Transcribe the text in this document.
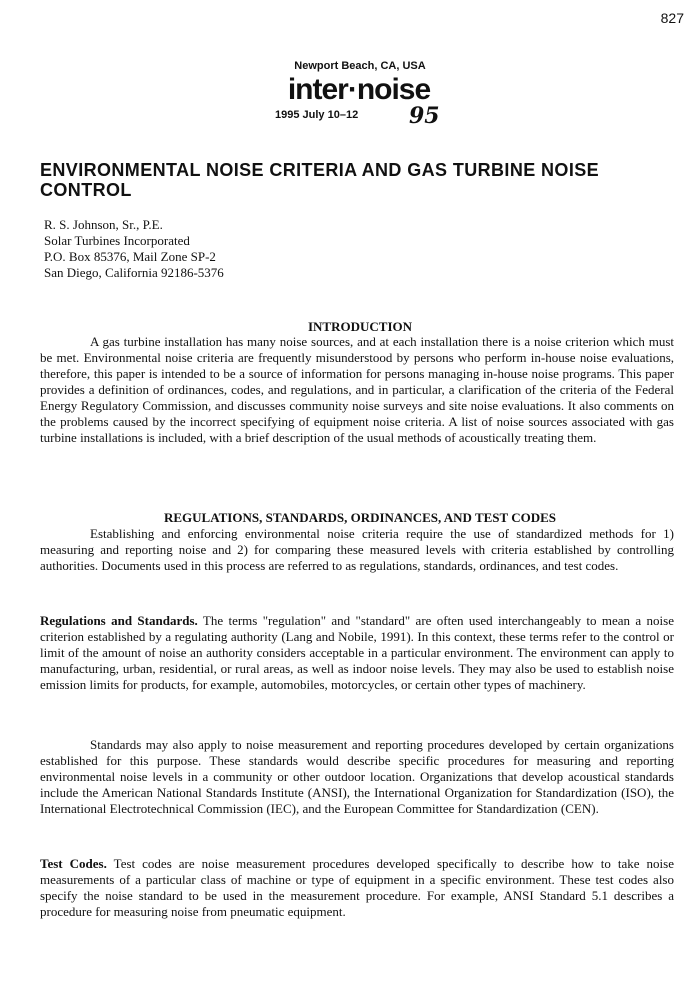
827
Newport Beach, CA, USA
inter·noise
1995 July 10–12 95
ENVIRONMENTAL NOISE CRITERIA AND GAS TURBINE NOISE CONTROL
R. S. Johnson, Sr., P.E.
Solar Turbines Incorporated
P.O. Box 85376, Mail Zone SP-2
San Diego, California 92186-5376
INTRODUCTION
A gas turbine installation has many noise sources, and at each installation there is a noise criterion which must be met. Environmental noise criteria are frequently misunderstood by persons who perform in-house noise evaluations, therefore, this paper is intended to be a source of information for persons managing in-house noise programs. This paper provides a definition of ordinances, codes, and regulations, and in particular, a clarification of the criteria of the Federal Energy Regulatory Commission, and discusses community noise surveys and site noise evaluations. It also comments on the problems caused by the incorrect specifying of equipment noise criteria. A list of noise sources associated with gas turbine installations is included, with a brief description of the usual methods of acoustically treating them.
REGULATIONS, STANDARDS, ORDINANCES, AND TEST CODES
Establishing and enforcing environmental noise criteria require the use of standardized methods for 1) measuring and reporting noise and 2) for comparing these measured levels with criteria established by controlling authorities. Documents used in this process are referred to as regulations, standards, ordinances, and test codes.
Regulations and Standards. The terms "regulation" and "standard" are often used interchangeably to mean a noise criterion established by a regulating authority (Lang and Nobile, 1991). In this context, these terms refer to the control or limit of the amount of noise an authority considers acceptable in a particular environment. The environment can apply to manufacturing, urban, residential, or rural areas, as well as indoor noise levels. They may also be used to establish noise emission limits for products, for example, automobiles, motorcycles, or certain other types of machinery.
Standards may also apply to noise measurement and reporting procedures developed by certain organizations established for this purpose. These standards would describe specific procedures for measuring and reporting environmental noise levels in a community or other outdoor location. Organizations that develop acoustical standards include the American National Standards Institute (ANSI), the International Organization for Standardization (ISO), the International Electrotechnical Commission (IEC), and the European Committee for Standardization (CEN).
Test Codes. Test codes are noise measurement procedures developed specifically to describe how to take noise measurements of a particular class of machine or type of equipment in a specific environment. These test codes also specify the noise standard to be used in the measurement procedure. For example, ANSI Standard 5.1 describes a procedure for measuring noise from pneumatic equipment.
